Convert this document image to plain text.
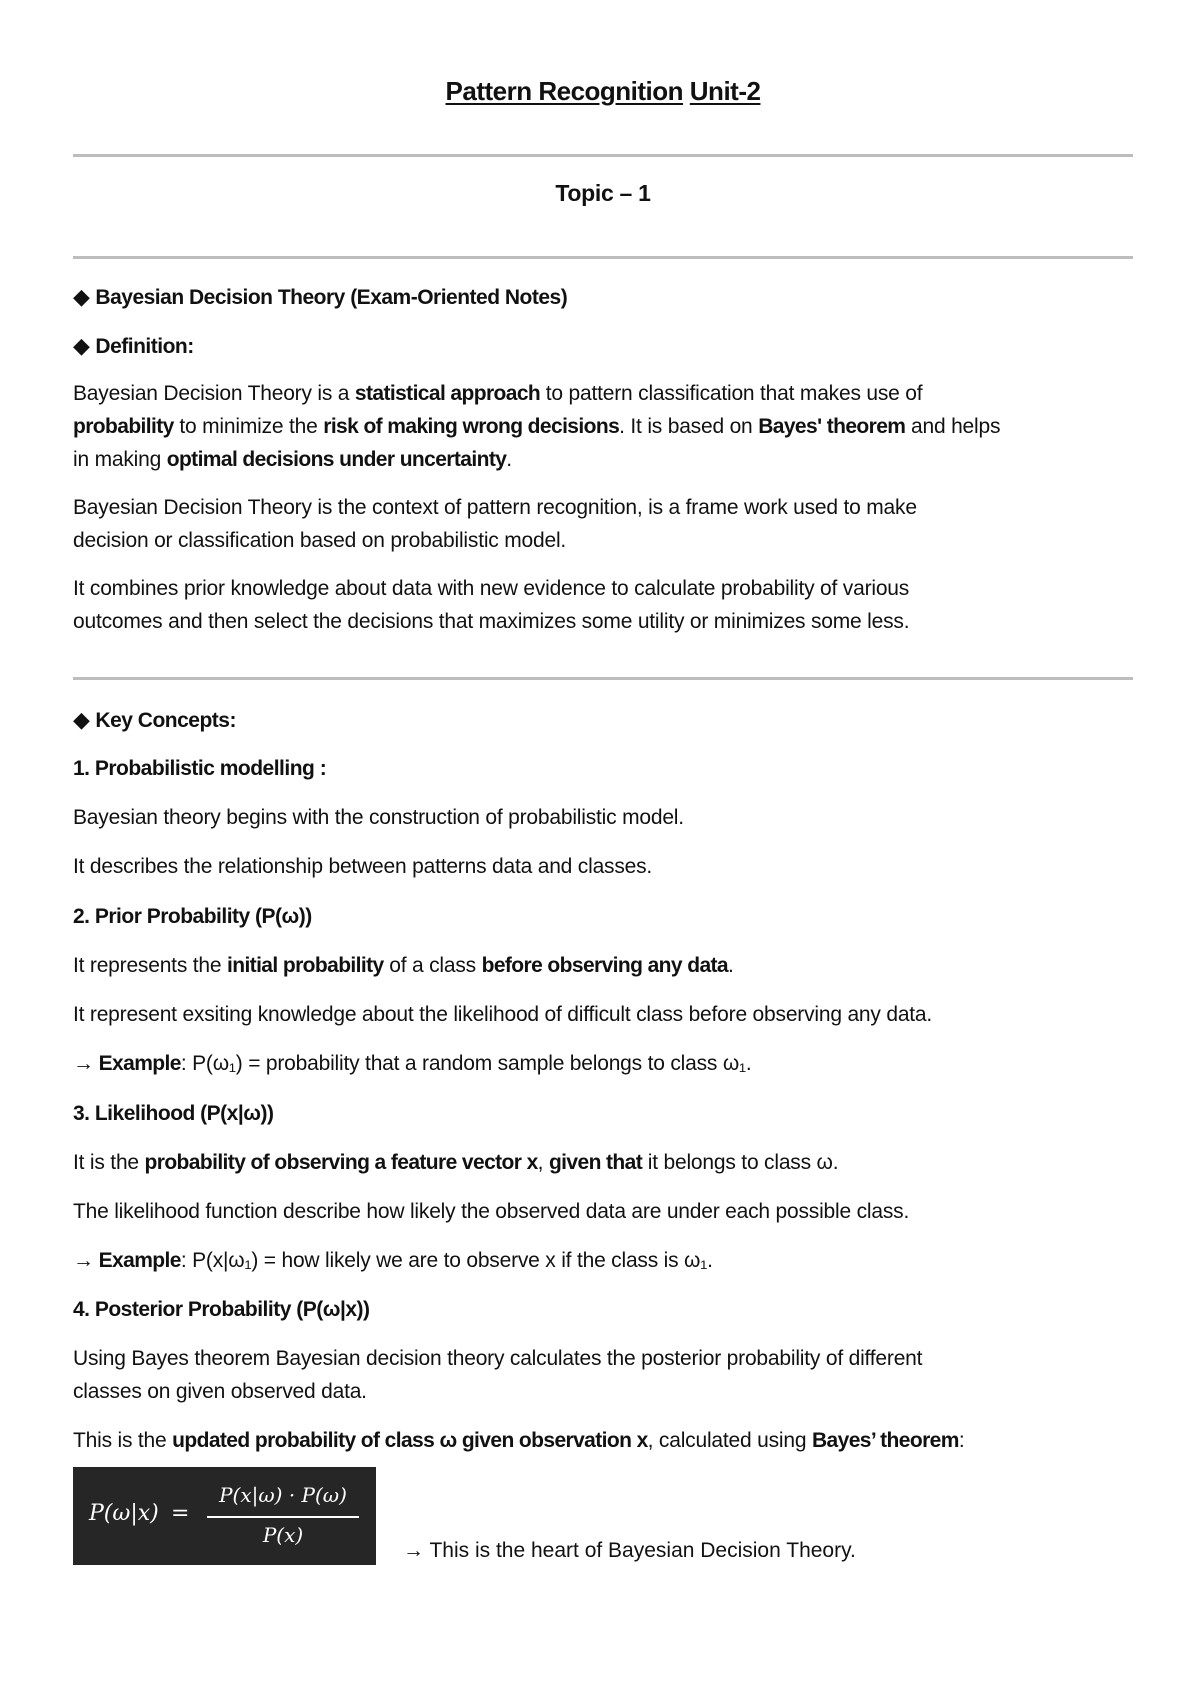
Pattern Recognition Unit-2
Topic – 1
◆ Bayesian Decision Theory (Exam-Oriented Notes)
◆ Definition:
Bayesian Decision Theory is a statistical approach to pattern classification that makes use of
probability to minimize the risk of making wrong decisions. It is based on Bayes' theorem and helps
in making optimal decisions under uncertainty.
Bayesian Decision Theory is the context of pattern recognition, is a frame work used to make
decision or classification based on probabilistic model.
It combines prior knowledge about data with new evidence to calculate probability of various
outcomes and then select the decisions that maximizes some utility or minimizes some less.
◆ Key Concepts:
1. Probabilistic modelling :
Bayesian theory begins with the construction of probabilistic model.
It describes the relationship between patterns data and classes.
2. Prior Probability (P(ω))
It represents the initial probability of a class before observing any data.
It represent exsiting knowledge about the likelihood of difficult class before observing any data.
→ Example: P(ω₁) = probability that a random sample belongs to class ω₁.
3. Likelihood (P(x|ω))
It is the probability of observing a feature vector x, given that it belongs to class ω.
The likelihood function describe how likely the observed data are under each possible class.
→ Example: P(x|ω₁) = how likely we are to observe x if the class is ω₁.
4. Posterior Probability (P(ω|x))
Using Bayes theorem Bayesian decision theory calculates the posterior probability of different
classes on given observed data.
This is the updated probability of class ω given observation x, calculated using Bayes’ theorem:
P(ω|x) =
P(x|ω) · P(ω)
P(x)
→ This is the heart of Bayesian Decision Theory.
